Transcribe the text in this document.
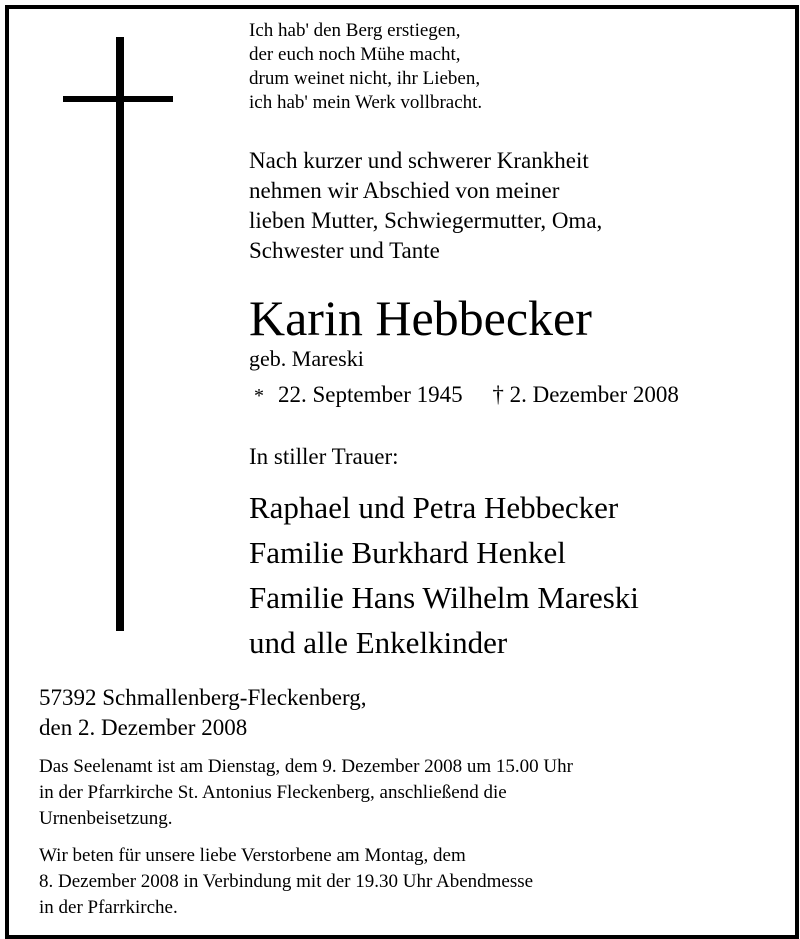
Ich hab' den Berg erstiegen,
der euch noch Mühe macht,
drum weinet nicht, ihr Lieben,
ich hab' mein Werk vollbracht.
Nach kurzer und schwerer Krankheit
nehmen wir Abschied von meiner
lieben Mutter, Schwiegermutter, Oma,
Schwester und Tante
Karin Hebbecker
geb. Mareski
* 22. September 1945 † 2. Dezember 2008
In stiller Trauer:
Raphael und Petra Hebbecker
Familie Burkhard Henkel
Familie Hans Wilhelm Mareski
und alle Enkelkinder
57392 Schmallenberg-Fleckenberg,
den 2. Dezember 2008
Das Seelenamt ist am Dienstag, dem 9. Dezember 2008 um 15.00 Uhr
in der Pfarrkirche St. Antonius Fleckenberg, anschließend die
Urnenbeisetzung.
Wir beten für unsere liebe Verstorbene am Montag, dem
8. Dezember 2008 in Verbindung mit der 19.30 Uhr Abendmesse
in der Pfarrkirche.
